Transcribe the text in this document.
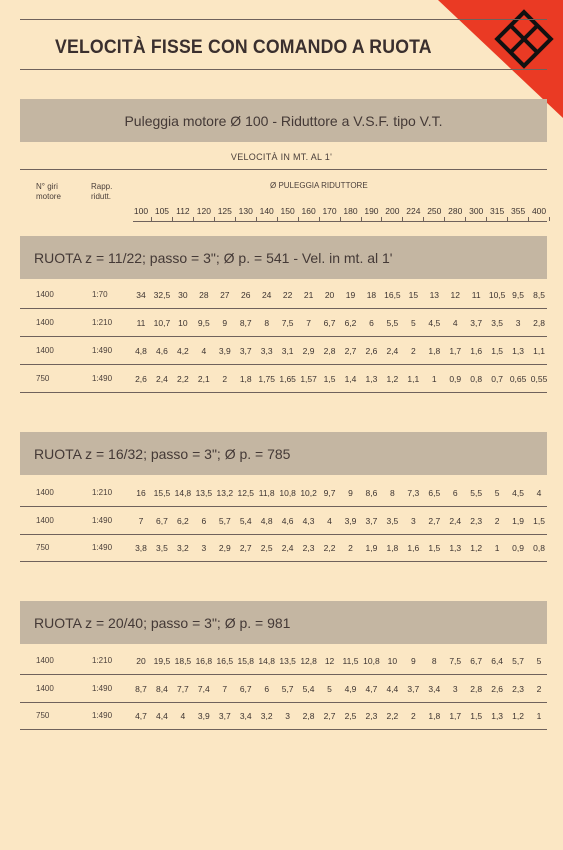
VELOCITÀ FISSE CON COMANDO A RUOTA
Puleggia motore Ø 100 - Riduttore a V.S.F. tipo V.T.
VELOCITÀ IN MT. AL 1'
N° giri
motore
Rapp.
ridutt.
Ø PULEGGIA RIDUTTORE
100 105 112 120 125 130 140 150 160 170 180 190 200 224 250 280 300 315 355 400
RUOTA z = 11/22; passo = 3"; Ø p. = 541 - Vel. in mt. al 1'
1400	1:70	34 32,5 30	28	27	26	24	22	21	20	19	18 16,5 15	13	12	11 10,5 9,5	8,5
1400	1:210	11 10,7 10	9,5	9	8,7	8	7,5	7	6,7	6,2	6	5,5	5	4,5	4	3,7	3,5	3	2,8
1400	1:490	4,8	4,6	4,2	4	3,9	3,7	3,3	3,1	2,9	2,8	2,7	2,6	2,4	2	1,8	1,7	1,6	1,5	1,3	1,1
750	1:490	2,6	2,4	2,2	2,1	2	1,8 1,75 1,65 1,57 1,5	1,4	1,3	1,2	1,1	1	0,9	0,8	0,7 0,65 0,55
RUOTA z = 16/32; passo = 3"; Ø p. = 785
1400	1:210	16 15,5 14,8 13,5 13,2 12,5 11,8 10,8 10,2 9,7	9	8,6	8	7,3	6,5	6	5,5	5	4,5	4
1400	1:490	7	6,7	6,2	6	5,7	5,4	4,8	4,6	4,3	4	3,9	3,7	3,5	3	2,7	2,4	2,3	2	1,9	1,5
750	1:490	3,8	3,5	3,2	3	2,9	2,7	2,5	2,4	2,3	2,2	2	1,9	1,8	1,6	1,5	1,3	1,2	1	0,9	0,8
RUOTA z = 20/40; passo = 3"; Ø p. = 981
1400	1:210	20 19,5 18,5 16,8 16,5 15,8 14,8 13,5 12,8 12 11,5 10,8 10	9	8	7,5	6,7	6,4	5,7	5
1400	1:490	8,7	8,4	7,7	7,4	7	6,7	6	5,7	5,4	5	4,9	4,7	4,4	3,7	3,4	3	2,8	2,6	2,3	2
750	1:490	4,7	4,4	4	3,9	3,7	3,4	3,2	3	2,8	2,7	2,5	2,3	2,2	2	1,8	1,7	1,5	1,3	1,2	1
